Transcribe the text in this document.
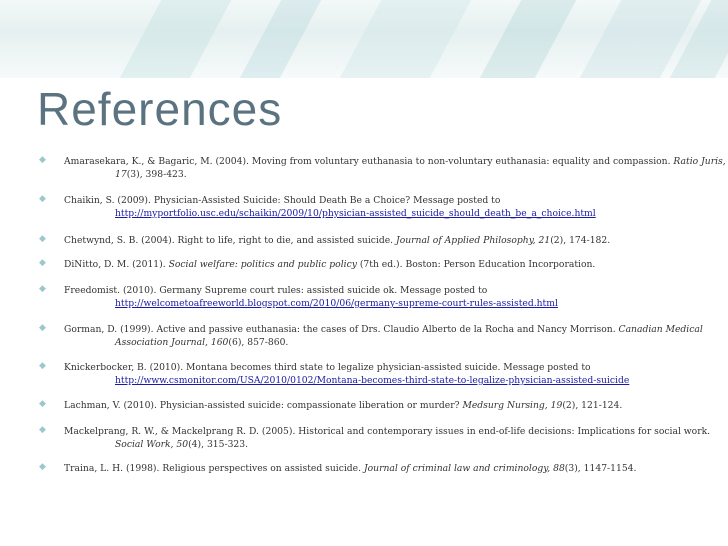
References
◆ Amarasekara, K., & Bagaric, M. (2004). Moving from voluntary euthanasia to non-voluntary euthanasia: equality and compassion. Ratio Juris,
17(3), 398-423.
◆ Chaikin, S. (2009). Physician-Assisted Suicide: Should Death Be a Choice? Message posted to
http://myportfolio.usc.edu/schaikin/2009/10/physician-assisted_suicide_should_death_be_a_choice.html
◆ Chetwynd, S. B. (2004). Right to life, right to die, and assisted suicide. Journal of Applied Philosophy, 21(2), 174-182.
◆ DiNitto, D. M. (2011). Social welfare: politics and public policy (7th ed.). Boston: Person Education Incorporation.
◆ Freedomist. (2010). Germany Supreme court rules: assisted suicide ok. Message posted to
http://welcometoafreeworld.blogspot.com/2010/06/germany-supreme-court-rules-assisted.html
◆ Gorman, D. (1999). Active and passive euthanasia: the cases of Drs. Claudio Alberto de la Rocha and Nancy Morrison. Canadian Medical
Association Journal, 160(6), 857-860.
◆ Knickerbocker, B. (2010). Montana becomes third state to legalize physician-assisted suicide. Message posted to
http://www.csmonitor.com/USA/2010/0102/Montana-becomes-third-state-to-legalize-physician-assisted-suicide
◆ Lachman, V. (2010). Physician-assisted suicide: compassionate liberation or murder? Medsurg Nursing, 19(2), 121-124.
◆ Mackelprang, R. W., & Mackelprang R. D. (2005). Historical and contemporary issues in end-of-life decisions: Implications for social work.
Social Work, 50(4), 315-323.
◆ Traina, L. H. (1998). Religious perspectives on assisted suicide. Journal of criminal law and criminology, 88(3), 1147-1154.
